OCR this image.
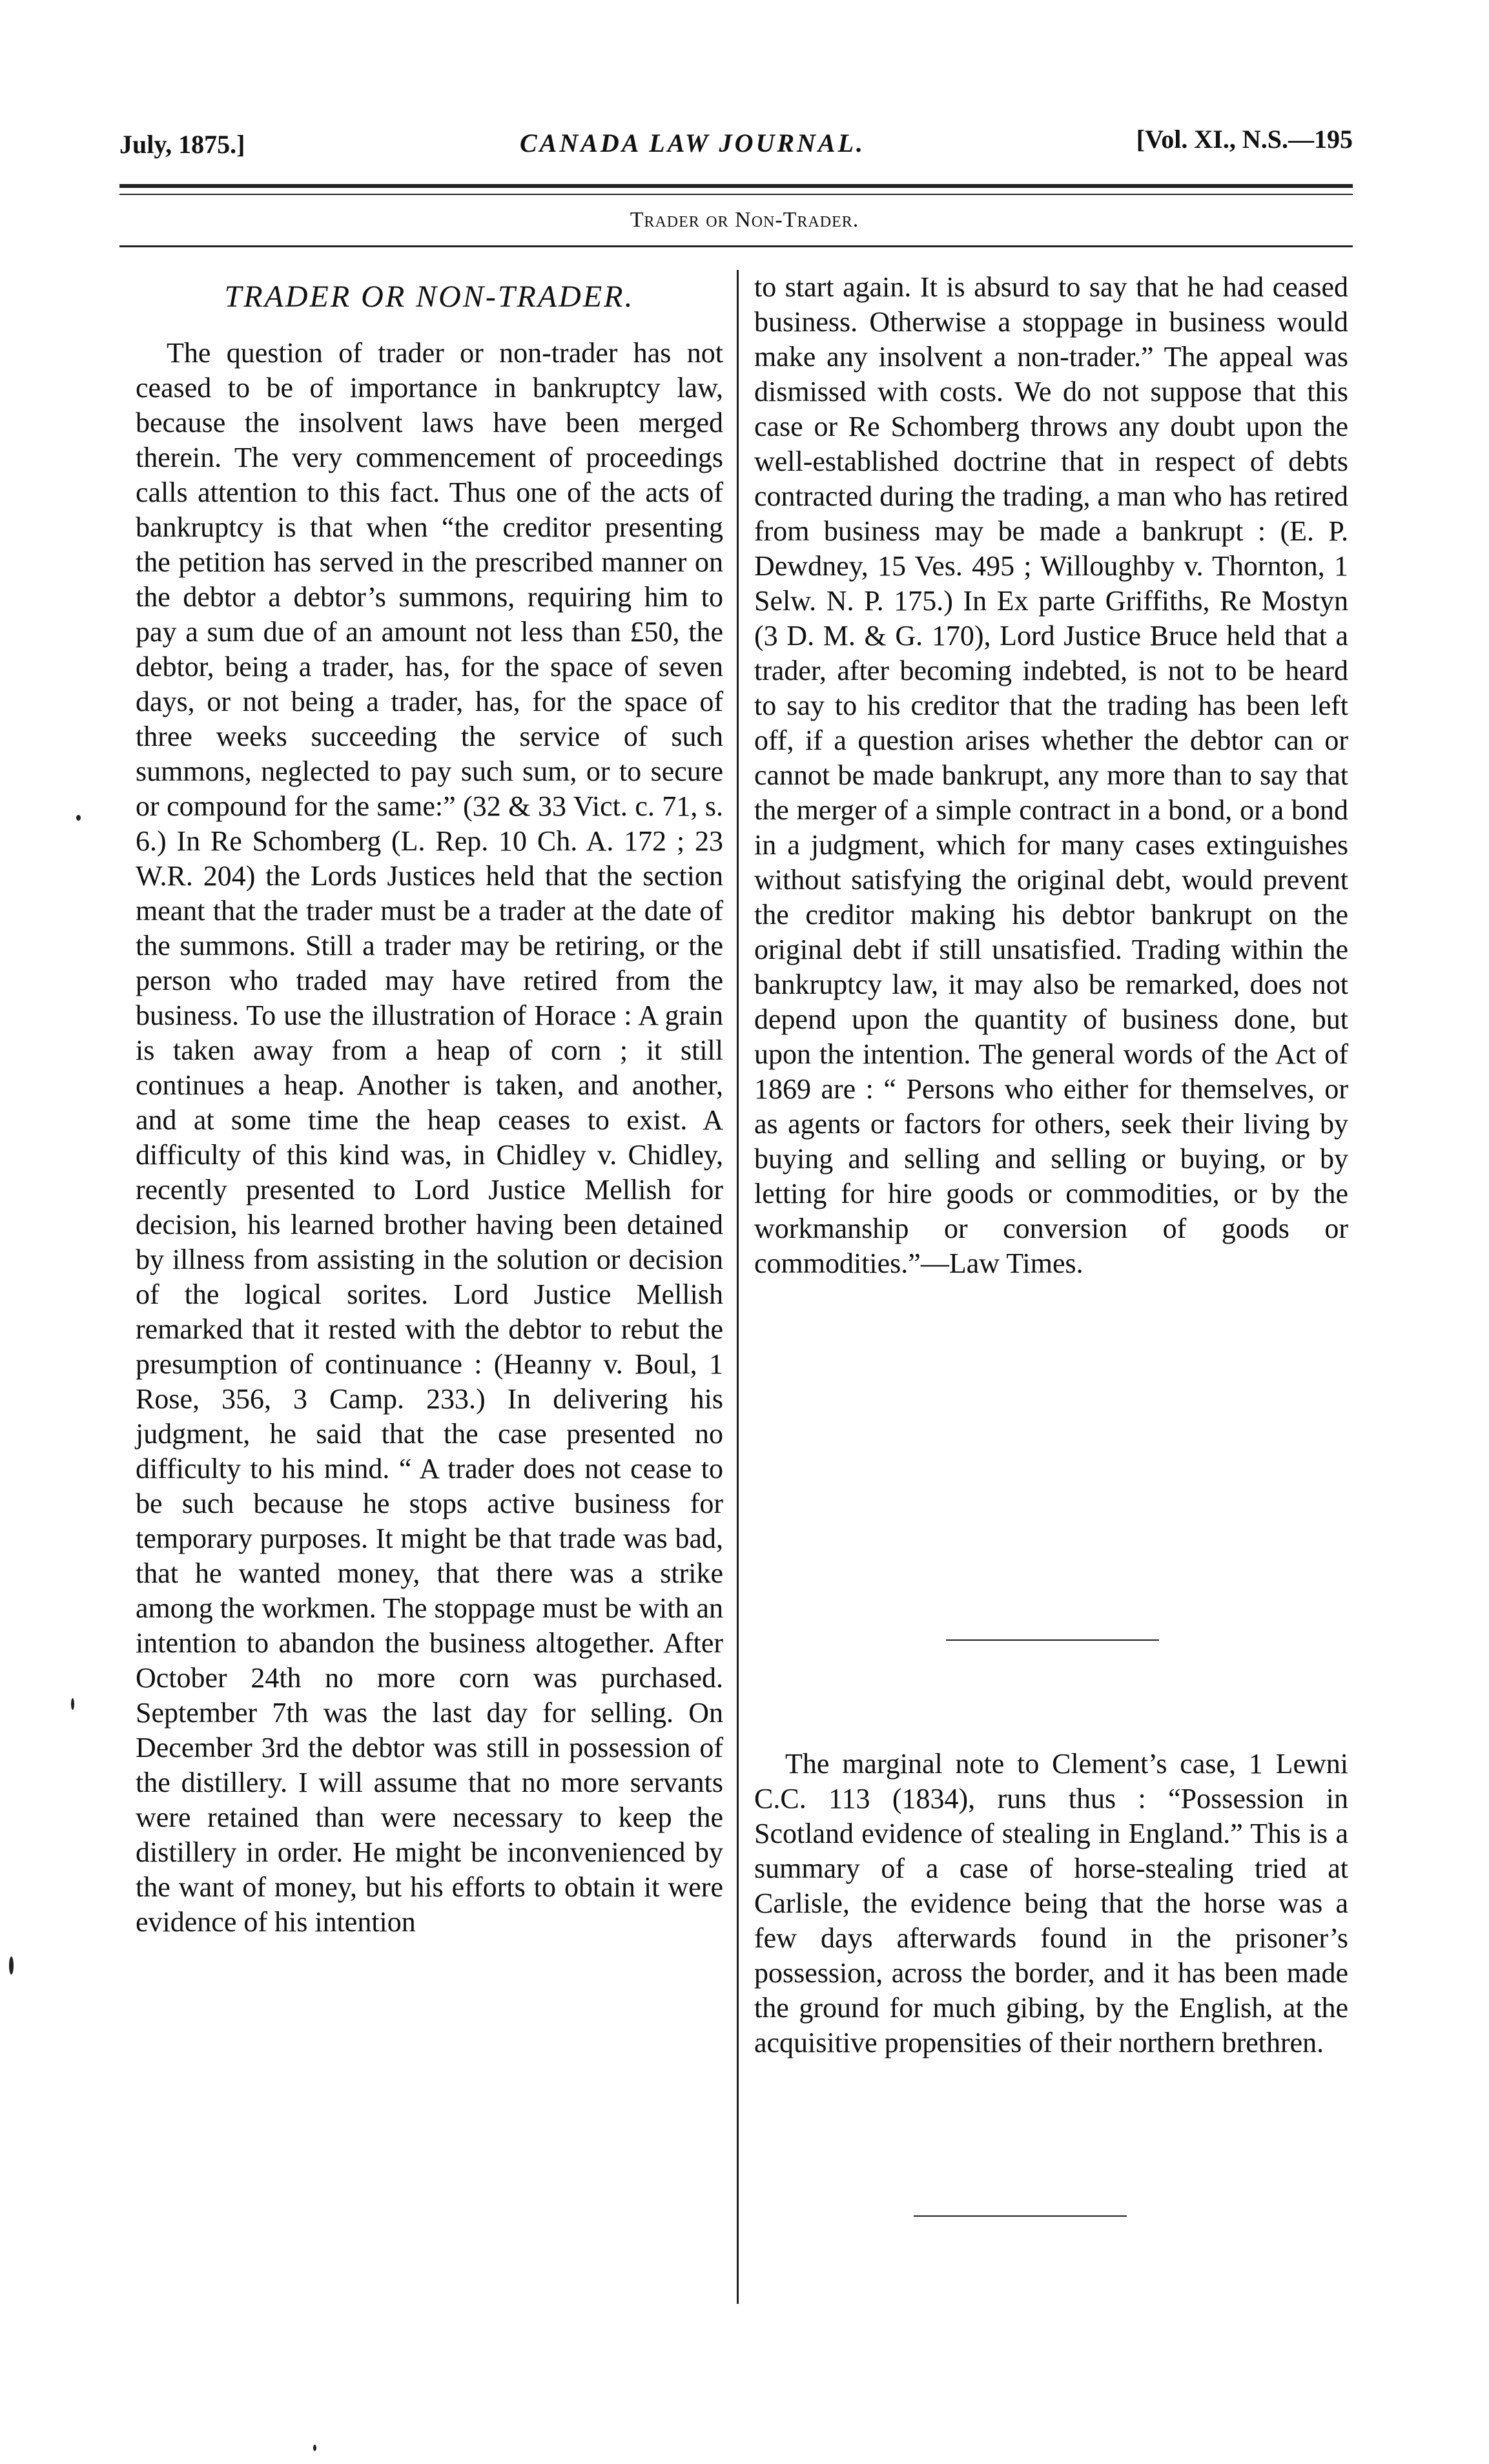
July, 1875.]	CANADA LAW JOURNAL.	[Vol. XI., N.S.—195
Trader or Non-Trader.
TRADER OR NON-TRADER.

The question of trader or non-trader has not ceased to be of importance in bankruptcy law, because the insolvent laws have been merged therein. The very commencement of proceedings calls attention to this fact. Thus one of the acts of bankruptcy is that when “the creditor presenting the petition has served in the prescribed manner on the debtor a debtor’s summons, requiring him to pay a sum due of an amount not less than £50, the debtor, being a trader, has, for the space of seven days, or not being a trader, has, for the space of three weeks succeeding the service of such summons, neglected to pay such sum, or to secure or compound for the same:” (32 & 33 Vict. c. 71, s. 6.) In Re Schomberg (L. Rep. 10 Ch. A. 172 ; 23 W.R. 204) the Lords Justices held that the section meant that the trader must be a trader at the date of the summons. Still a trader may be retiring, or the person who traded may have retired from the business. To use the illustration of Horace : A grain is taken away from a heap of corn ; it still continues a heap. Another is taken, and another, and at some time the heap ceases to exist. A difficulty of this kind was, in Chidley v. Chidley, recently presented to Lord Justice Mellish for decision, his learned brother having been detained by illness from assisting in the solution or decision of the logical sorites. Lord Justice Mellish remarked that it rested with the debtor to rebut the presumption of continuance : (Heanny v. Boul, 1 Rose, 356, 3 Camp. 233.) In delivering his judgment, he said that the case presented no difficulty to his mind. “ A trader does not cease to be such because he stops active business for temporary purposes. It might be that trade was bad, that he wanted money, that there was a strike among the workmen. The stoppage must be with an intention to abandon the business altogether. After October 24th no more corn was purchased. September 7th was the last day for selling. On December 3rd the debtor was still in possession of the distillery. I will assume that no more servants were retained than were necessary to keep the distillery in order. He might be inconvenienced by the want of money, but his efforts to obtain it were evidence of his intention

to start again. It is absurd to say that he had ceased business. Otherwise a stoppage in business would make any insolvent a non-trader.” The appeal was dismissed with costs. We do not suppose that this case or Re Schomberg throws any doubt upon the well-established doctrine that in respect of debts contracted during the trading, a man who has retired from business may be made a bankrupt : (E. P. Dewdney, 15 Ves. 495 ; Willoughby v. Thornton, 1 Selw. N. P. 175.) In Ex parte Griffiths, Re Mostyn (3 D. M. & G. 170), Lord Justice Bruce held that a trader, after becoming indebted, is not to be heard to say to his creditor that the trading has been left off, if a question arises whether the debtor can or cannot be made bankrupt, any more than to say that the merger of a simple contract in a bond, or a bond in a judgment, which for many cases extinguishes without satisfying the original debt, would prevent the creditor making his debtor bankrupt on the original debt if still unsatisfied. Trading within the bankruptcy law, it may also be remarked, does not depend upon the quantity of business done, but upon the intention. The general words of the Act of 1869 are : “ Persons who either for themselves, or as agents or factors for others, seek their living by buying and selling and selling or buying, or by letting for hire goods or commodities, or by the workmanship or conversion of goods or commodities.”—Law Times.

The marginal note to Clement’s case, 1 Lewni C.C. 113 (1834), runs thus : “Possession in Scotland evidence of stealing in England.” This is a summary of a case of horse-stealing tried at Carlisle, the evidence being that the horse was a few days afterwards found in the prisoner’s possession, across the border, and it has been made the ground for much gibing, by the English, at the acquisitive propensities of their northern brethren.
